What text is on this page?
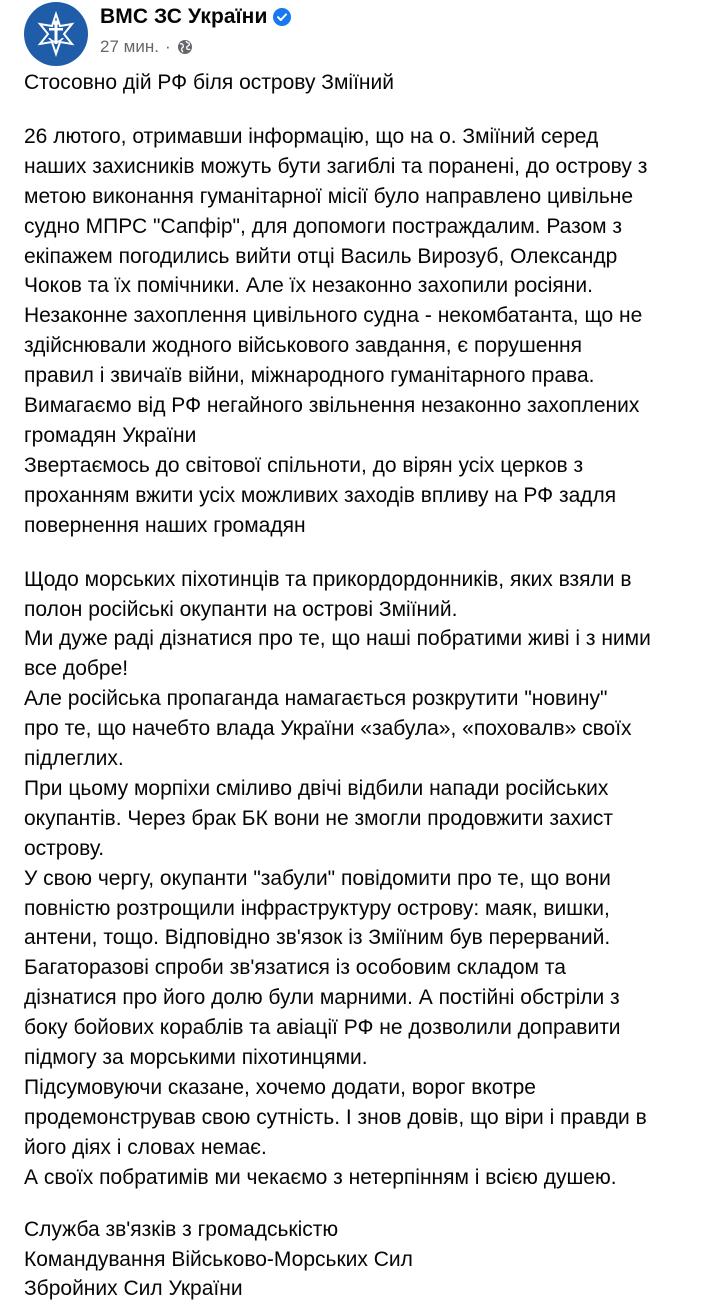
ВМС ЗС України
27 мин. ·

Стосовно дій РФ біля острову Зміїний

26 лютого, отримавши інформацію, що на о. Зміїний серед
наших захисників можуть бути загиблі та поранені, до острову з
метою виконання гуманітарної місії було направлено цивільне
судно МПРС "Сапфір", для допомоги постраждалим. Разом з
екіпажем погодились вийти отці Василь Вирозуб, Олександр
Чоков та їх помічники. Але їх незаконно захопили росіяни.
Незаконне захоплення цивільного судна - некомбатанта, що не
здійснювали жодного військового завдання, є порушення
правил і звичаїв війни, міжнародного гуманітарного права.
Вимагаємо від РФ негайного звільнення незаконно захоплених
громадян України
Звертаємось до світової спільноти, до вірян усіх церков з
проханням вжити усіх можливих заходів впливу на РФ задля
повернення наших громадян

Щодо морських піхотинців та прикордордонників, яких взяли в
полон російські окупанти на острові Зміїний.
Ми дуже раді дізнатися про те, що наші побратими живі і з ними
все добре!
Але російська пропаганда намагається розкрутити "новину"
про те, що начебто влада України «забула», «поховалв» своїх
підлеглих.
При цьому морпіхи сміливо двічі відбили напади російських
окупантів. Через брак БК вони не змогли продовжити захист
острову.
У свою чергу, окупанти "забули" повідомити про те, що вони
повністю розтрощили інфраструктуру острову: маяк, вишки,
антени, тощо. Відповідно зв'язок із Зміїним був перерваний.
Багаторазові спроби зв'язатися із особовим складом та
дізнатися про його долю були марними. А постійні обстріли з
боку бойових кораблів та авіації РФ не дозволили доправити
підмогу за морськими піхотинцями.
Підсумовуючи сказане, хочемо додати, ворог вкотре
продемонстрував свою сутність. І знов довів, що віри і правди в
його діях і словах немає.
А своїх побратимів ми чекаємо з нетерпінням і всією душею.

Служба зв'язків з громадськістю
Командування Військово-Морських Сил
Збройних Сил України
